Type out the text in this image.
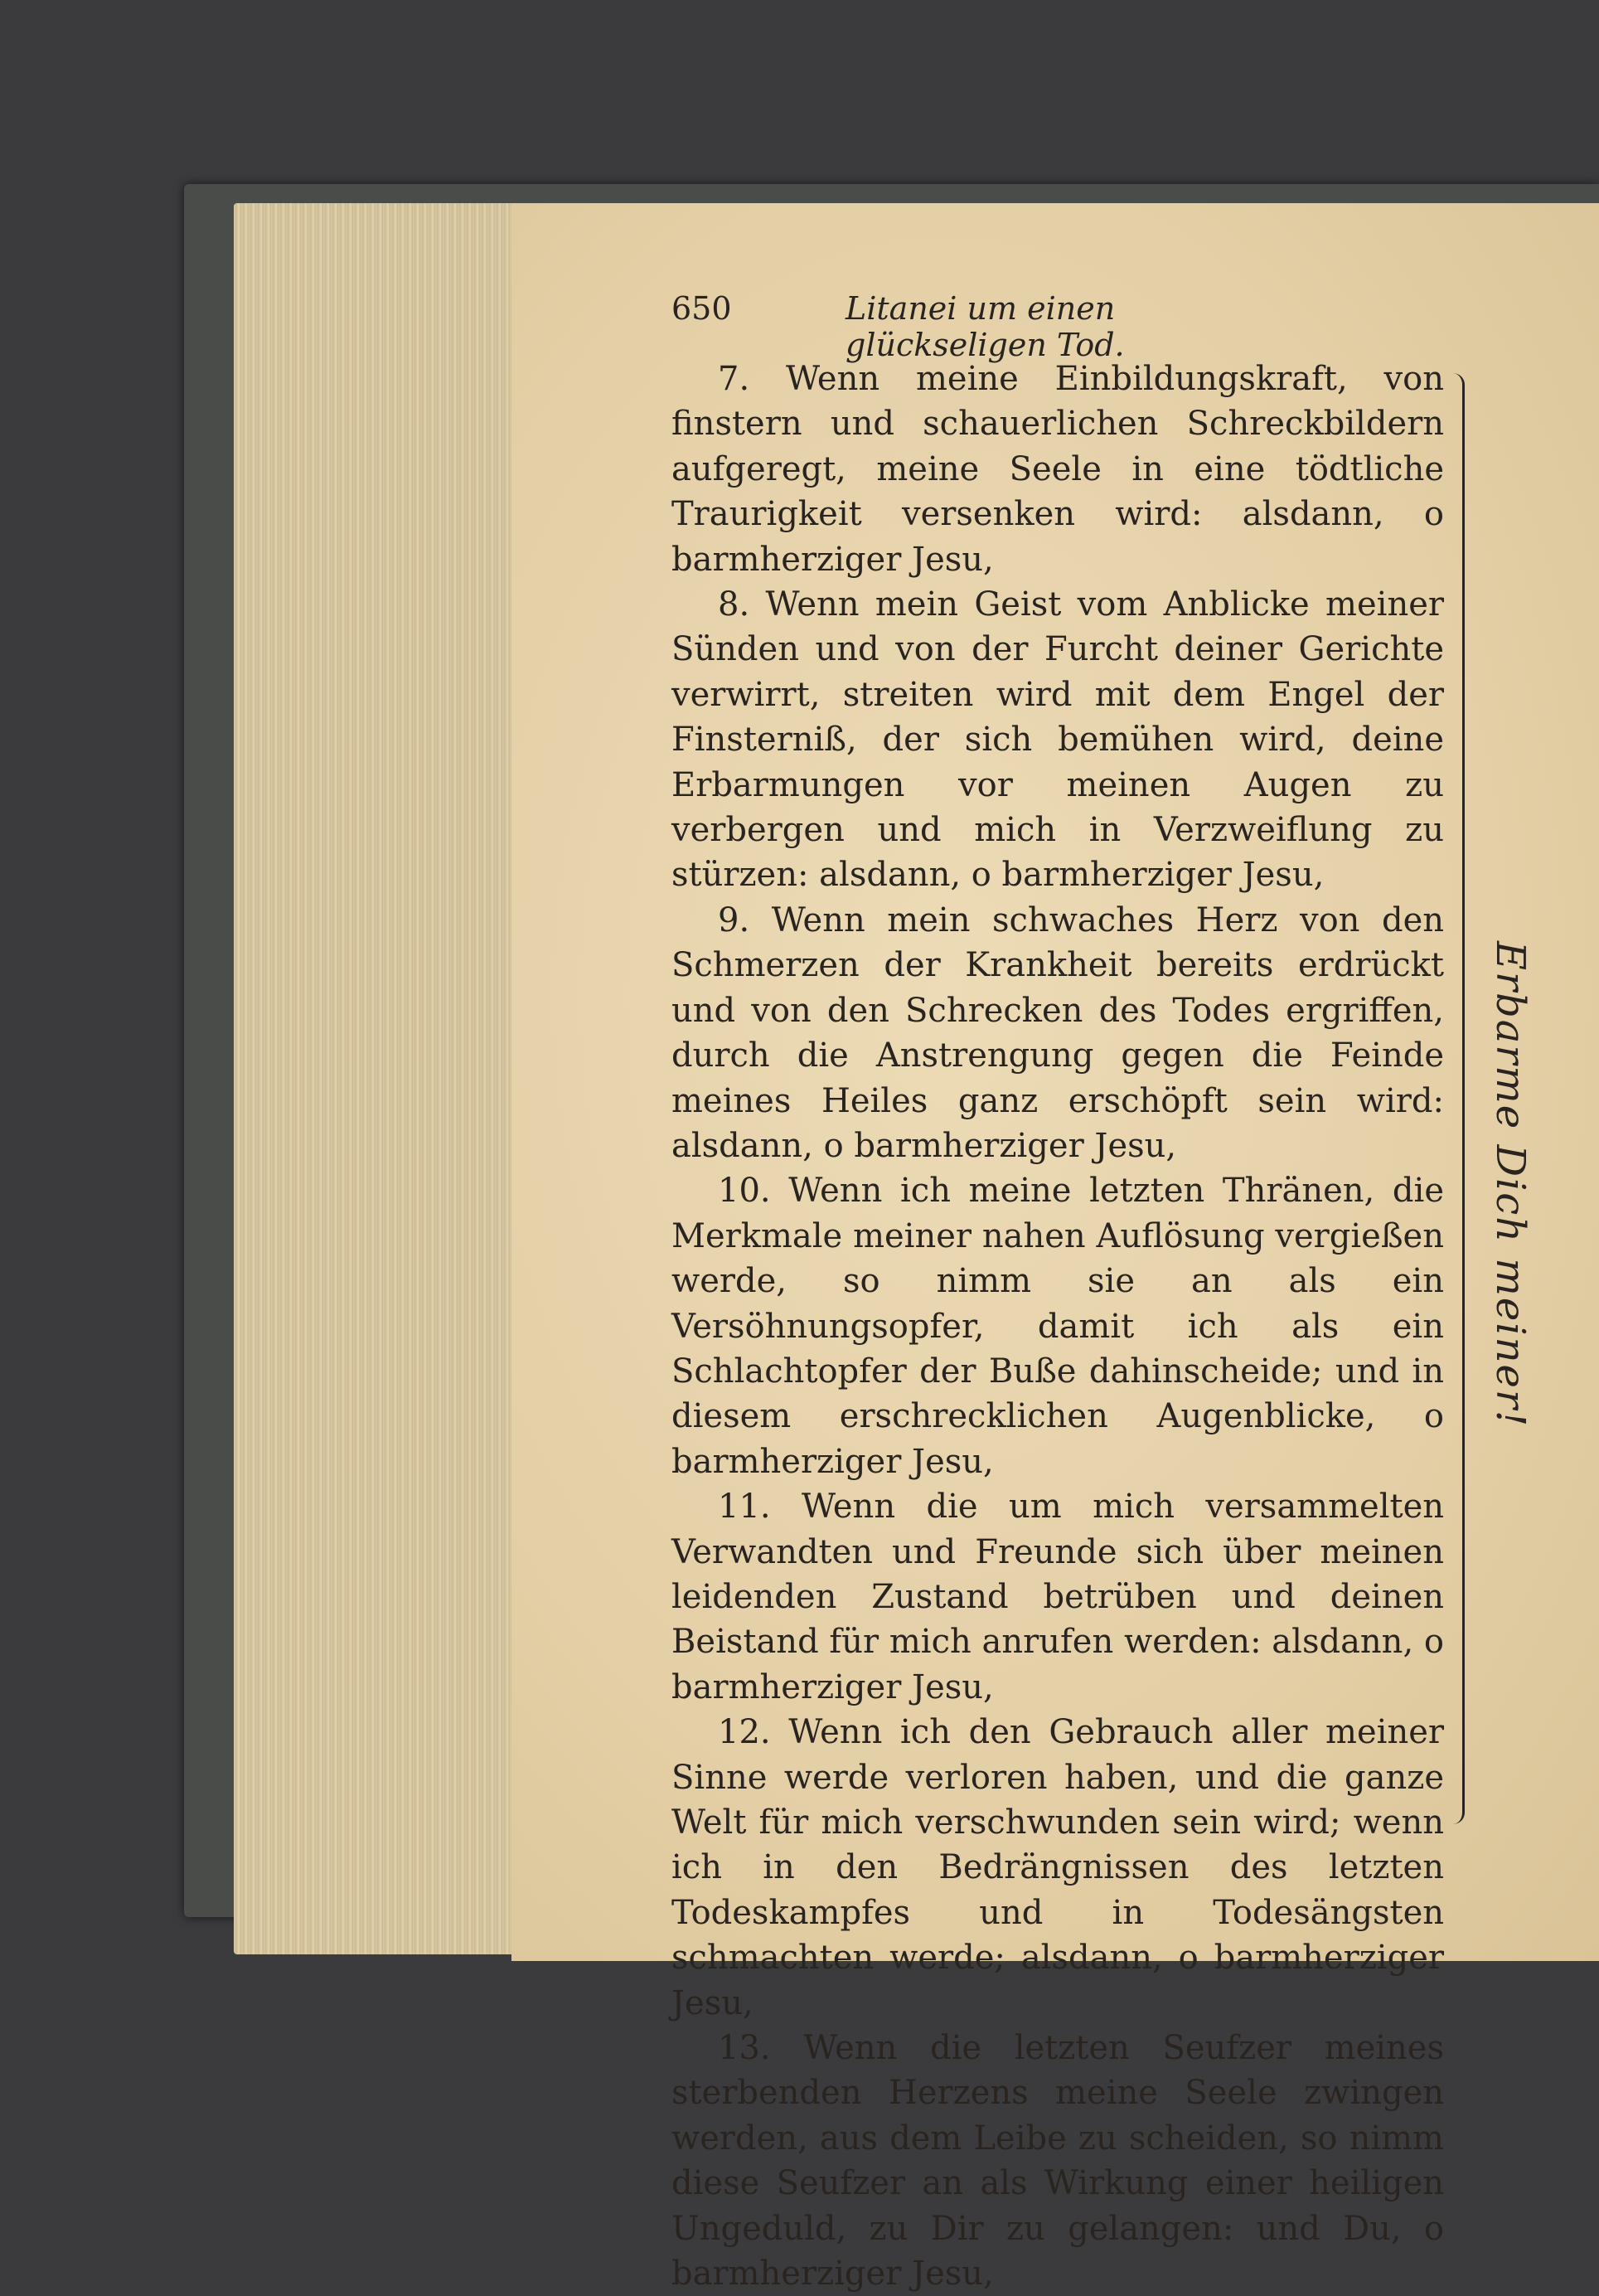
650	Litanei um einen glückseligen Tod.

7. Wenn meine Einbildungskraft, von finstern und schauerlichen Schreckbildern aufgeregt, meine Seele in eine tödtliche Traurigkeit versenken wird: alsdann, o barmherziger Jesu,

8. Wenn mein Geist vom Anblicke meiner Sünden und von der Furcht deiner Gerichte verwirrt, streiten wird mit dem Engel der Finsterniß, der sich bemühen wird, deine Erbarmungen vor meinen Augen zu verbergen und mich in Verzweiflung zu stürzen: alsdann, o barmherziger Jesu,

9. Wenn mein schwaches Herz von den Schmerzen der Krankheit bereits erdrückt und von den Schrecken des Todes ergriffen, durch die Anstrengung gegen die Feinde meines Heiles ganz erschöpft sein wird: alsdann, o barmherziger Jesu,

10. Wenn ich meine letzten Thränen, die Merkmale meiner nahen Auflösung vergießen werde, so nimm sie an als ein Versöhnungsopfer, damit ich als ein Schlachtopfer der Buße dahinscheide; und in diesem erschrecklichen Augenblicke, o barmherziger Jesu,

11. Wenn die um mich versammelten Verwandten und Freunde sich über meinen leidenden Zustand betrüben und deinen Beistand für mich anrufen werden: alsdann, o barmherziger Jesu,

12. Wenn ich den Gebrauch aller meiner Sinne werde verloren haben, und die ganze Welt für mich verschwunden sein wird; wenn ich in den Bedrängnissen des letzten Todeskampfes und in Todesängsten schmachten werde; alsdann, o barmherziger Jesu,

13. Wenn die letzten Seufzer meines sterbenden Herzens meine Seele zwingen werden, aus dem Leibe zu scheiden, so nimm diese Seufzer an als Wirkung einer heiligen Ungeduld, zu Dir zu gelangen: und Du, o barmherziger Jesu,

Erbarme Dich meiner!
